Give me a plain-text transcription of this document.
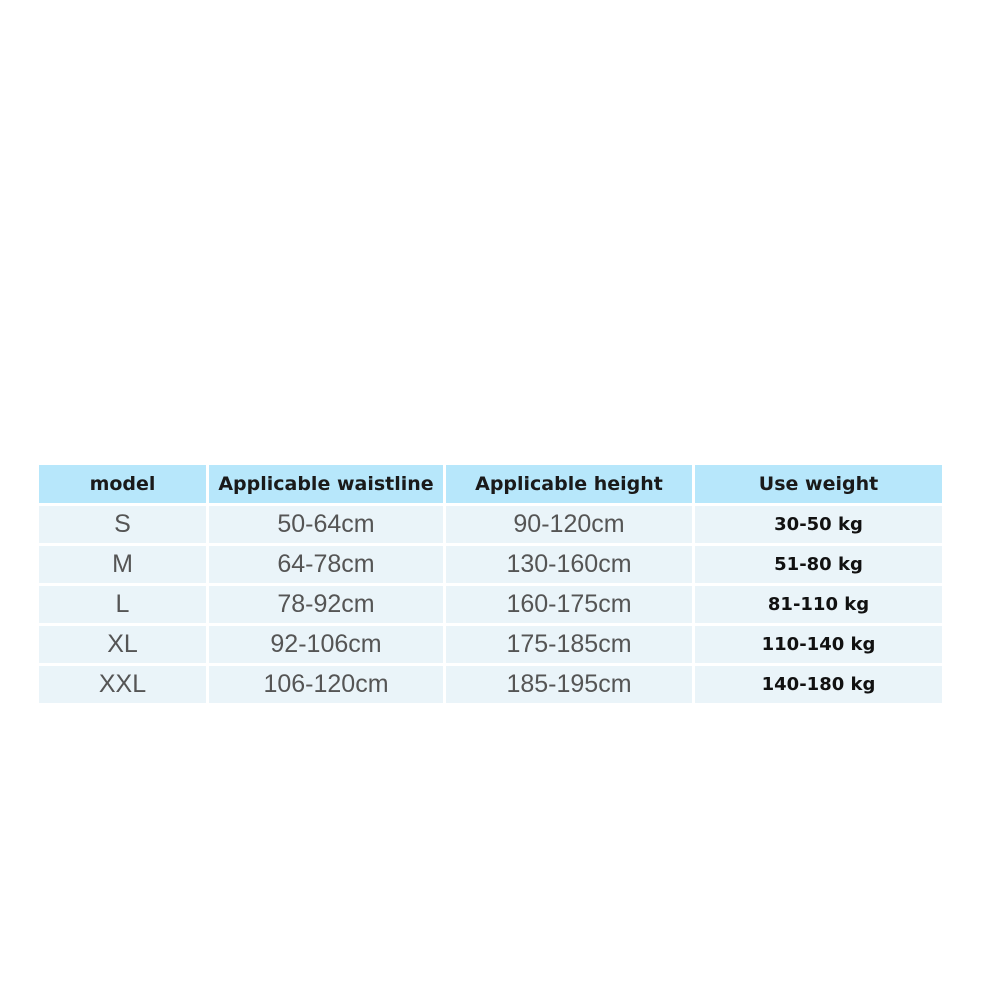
model	Applicable waistline	Applicable height	Use weight
S	50-64cm	90-120cm	30-50 kg
M	64-78cm	130-160cm	51-80 kg
L	78-92cm	160-175cm	81-110 kg
XL	92-106cm	175-185cm	110-140 kg
XXL	106-120cm	185-195cm	140-180 kg
